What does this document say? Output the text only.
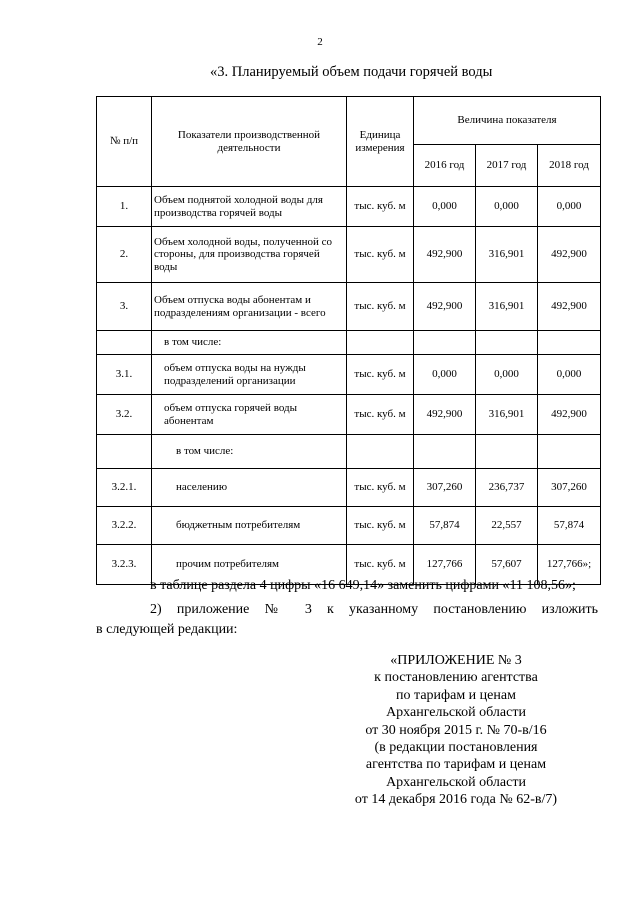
2
«3. Планируемый объем подачи горячей воды
№ п/п	Показатели производственной деятельности	Единица измерения	Величина показателя		
			2016 год	2017 год	2018 год
1.	Объем поднятой холодной воды для производства горячей воды	тыс. куб. м	0,000	0,000	0,000
2.	Объем холодной воды, полученной со стороны, для производства горячей воды	тыс. куб. м	492,900	316,901	492,900
3.	Объем отпуска воды абонентам и подразделениям организации - всего	тыс. куб. м	492,900	316,901	492,900
	в том числе:				
3.1.	объем отпуска воды на нужды подразделений организации	тыс. куб. м	0,000	0,000	0,000
3.2.	объем отпуска горячей воды абонентам	тыс. куб. м	492,900	316,901	492,900
	в том числе:				
3.2.1.	населению	тыс. куб. м	307,260	236,737	307,260
3.2.2.	бюджетным потребителям	тыс. куб. м	57,874	22,557	57,874
3.2.3.	прочим потребителям	тыс. куб. м	127,766	57,607	127,766»;
в таблице раздела 4 цифры «16 649,14» заменить цифрами «11 108,56»;
2) приложение № 3 к указанному постановлению изложить
в следующей редакции:
«ПРИЛОЖЕНИЕ № 3
к постановлению агентства
по тарифам и ценам
Архангельской области
от 30 ноября 2015 г. № 70-в/16
(в редакции постановления
агентства по тарифам и ценам
Архангельской области
от 14 декабря 2016 года № 62-в/7)
